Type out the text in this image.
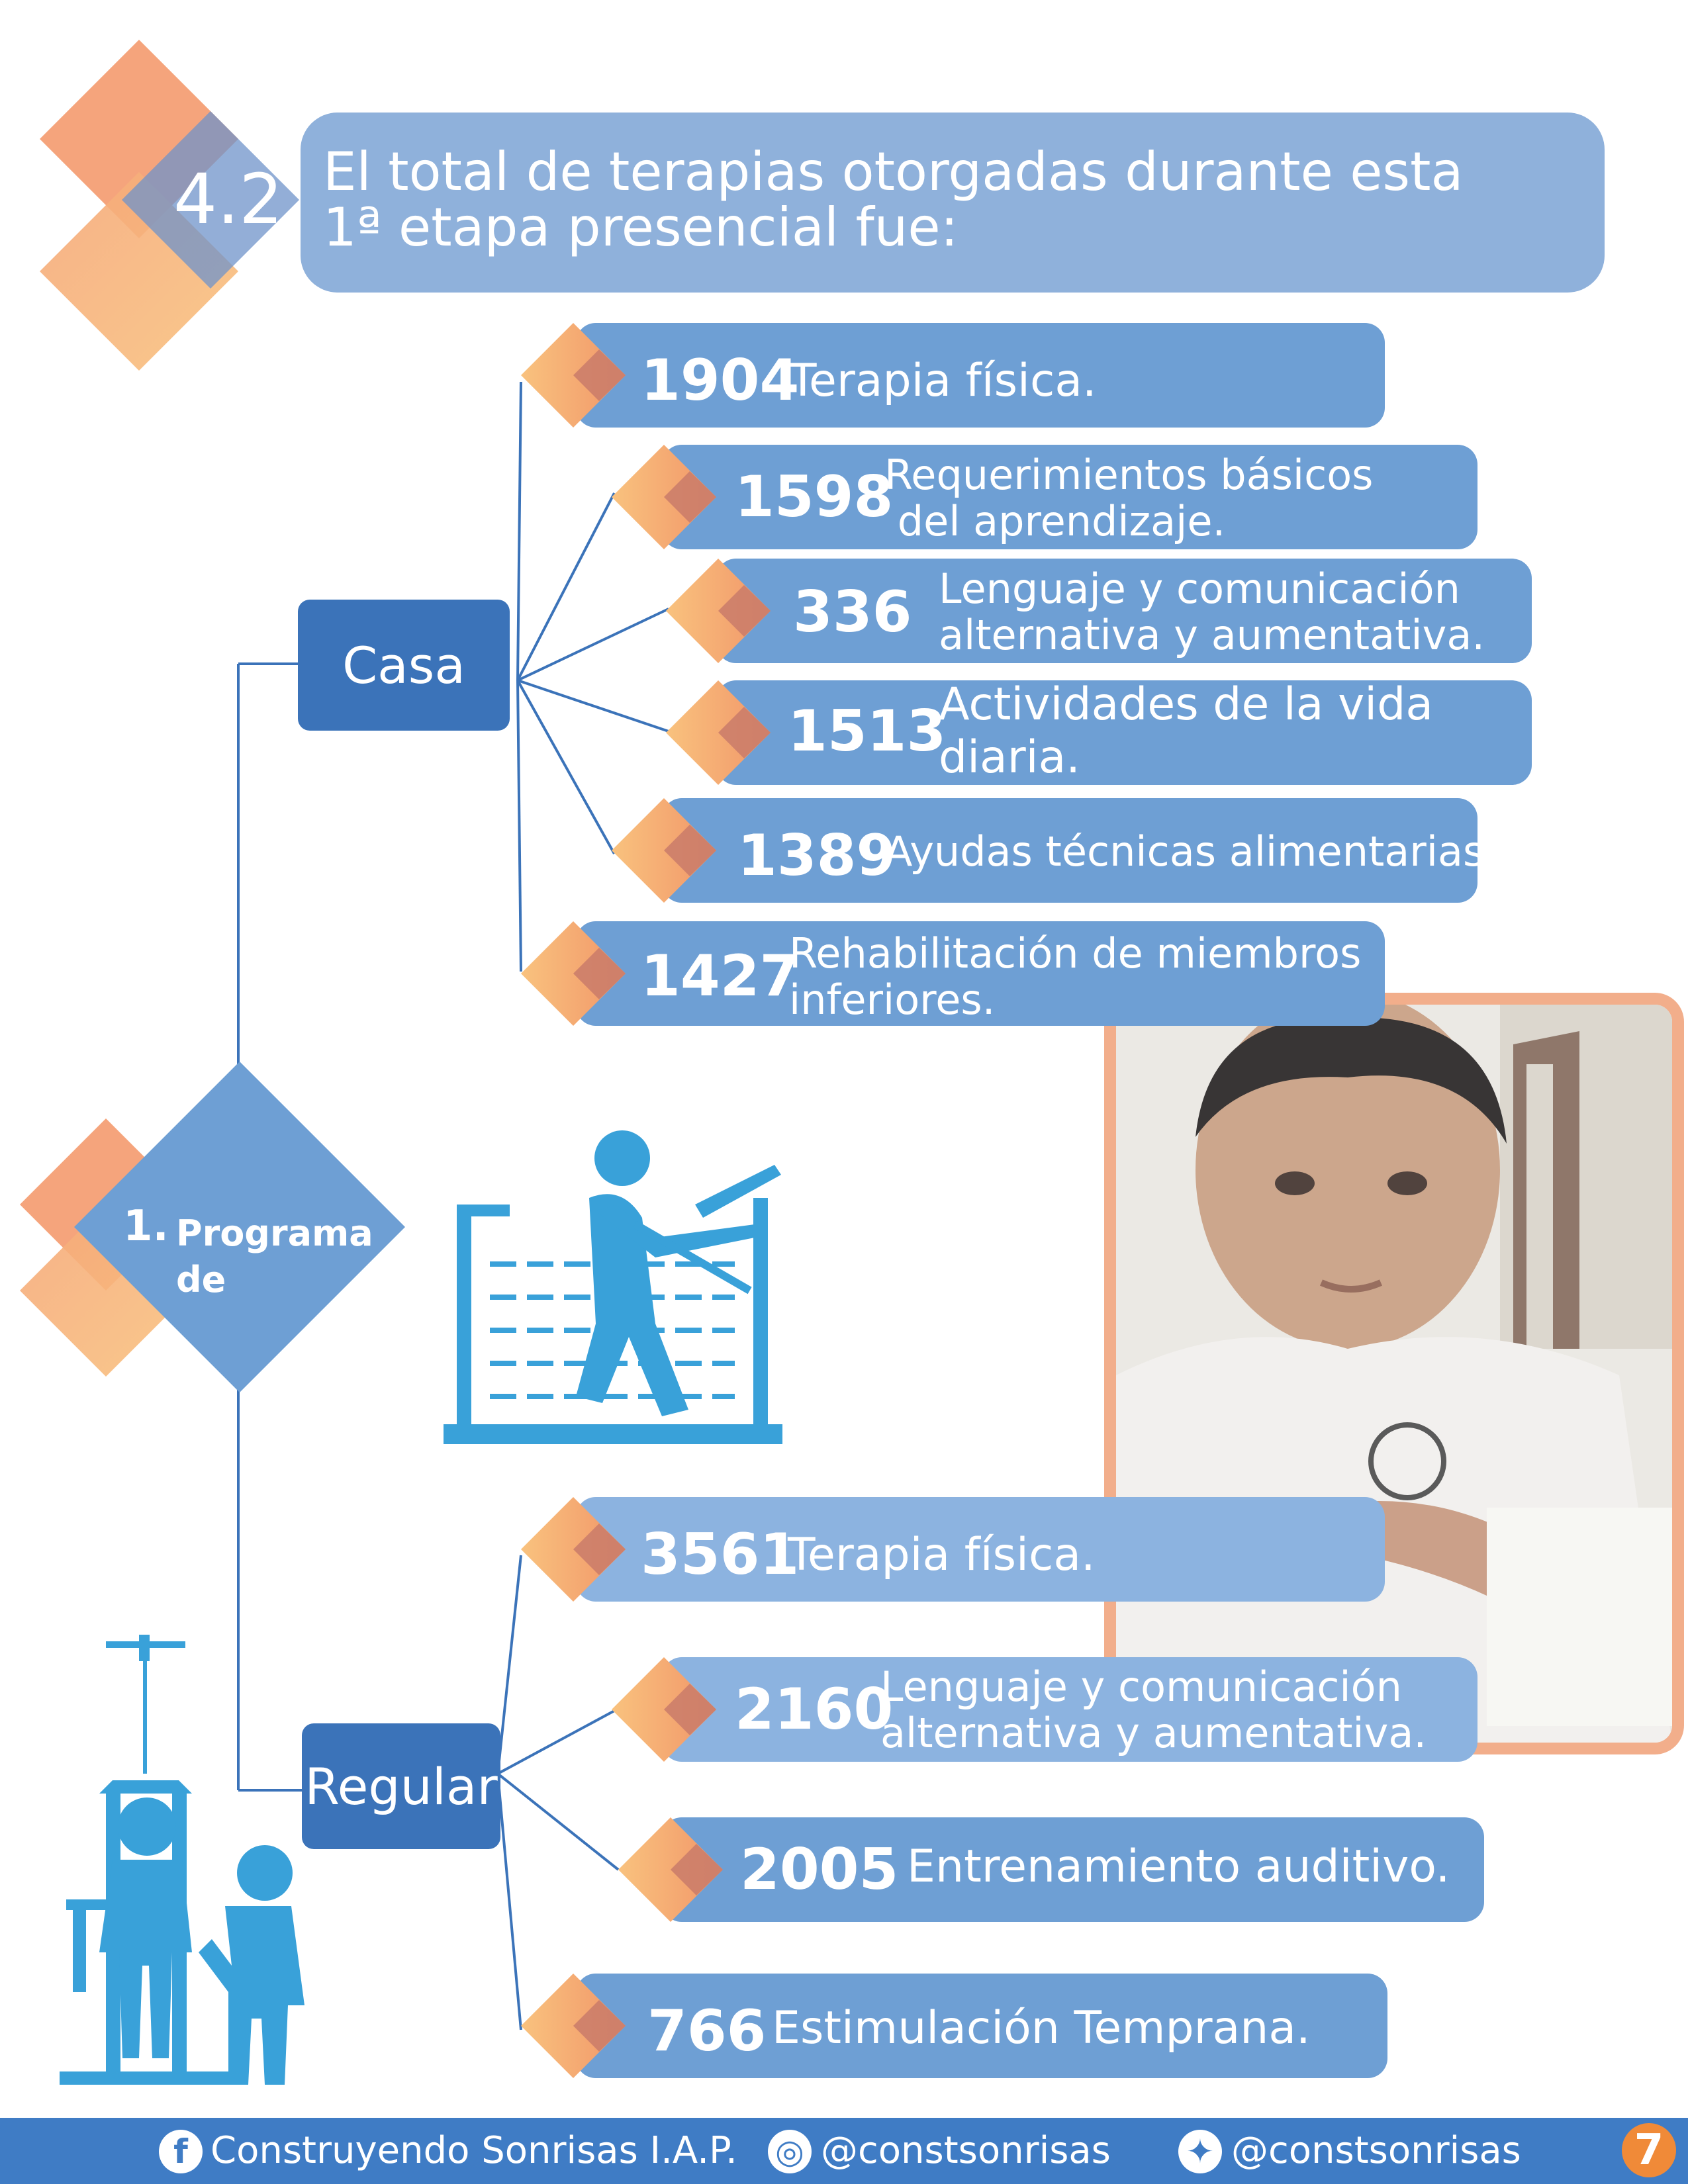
4.2 El total de terapias otorgadas durante esta
1ª etapa presencial fue:
1904
Terapia física.
1598
Requerimientos básicos
del aprendizaje.
336 Lenguaje y comunicación
alternativa y aumentativa.
1513
Actividades de la vida
diaria.
1389
Ayudas técnicas alimentarias.
1427
Rehabilitación de miembros
inferiores.
3561
Terapia física.
2160
Lenguaje y comunicación
alternativa y aumentativa.
2005 Entrenamiento auditivo.
766 Estimulación Temprana.
Casa
Regular
1. Programa
de
f Construyendo Sonrisas I.A.P. ◎ @constsonrisas ✦ @constsonrisas	7
